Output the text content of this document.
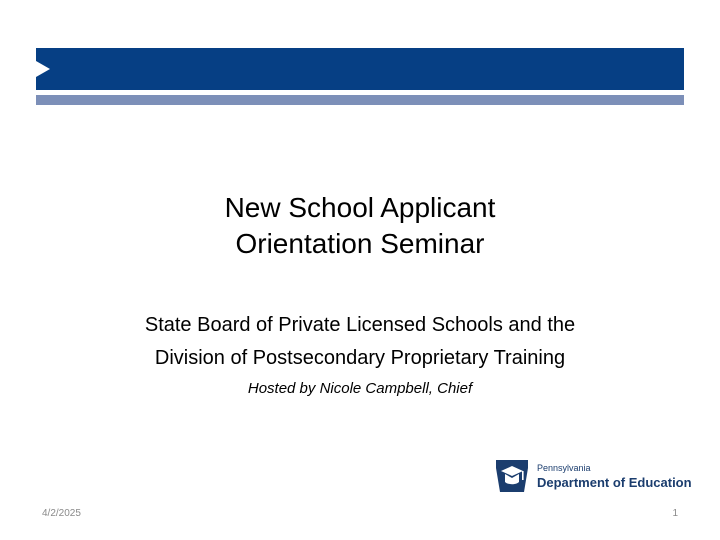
New School Applicant
Orientation Seminar
State Board of Private Licensed Schools and the
Division of Postsecondary Proprietary Training
Hosted by Nicole Campbell, Chief
Pennsylvania
Department of Education
4/2/2025	1
